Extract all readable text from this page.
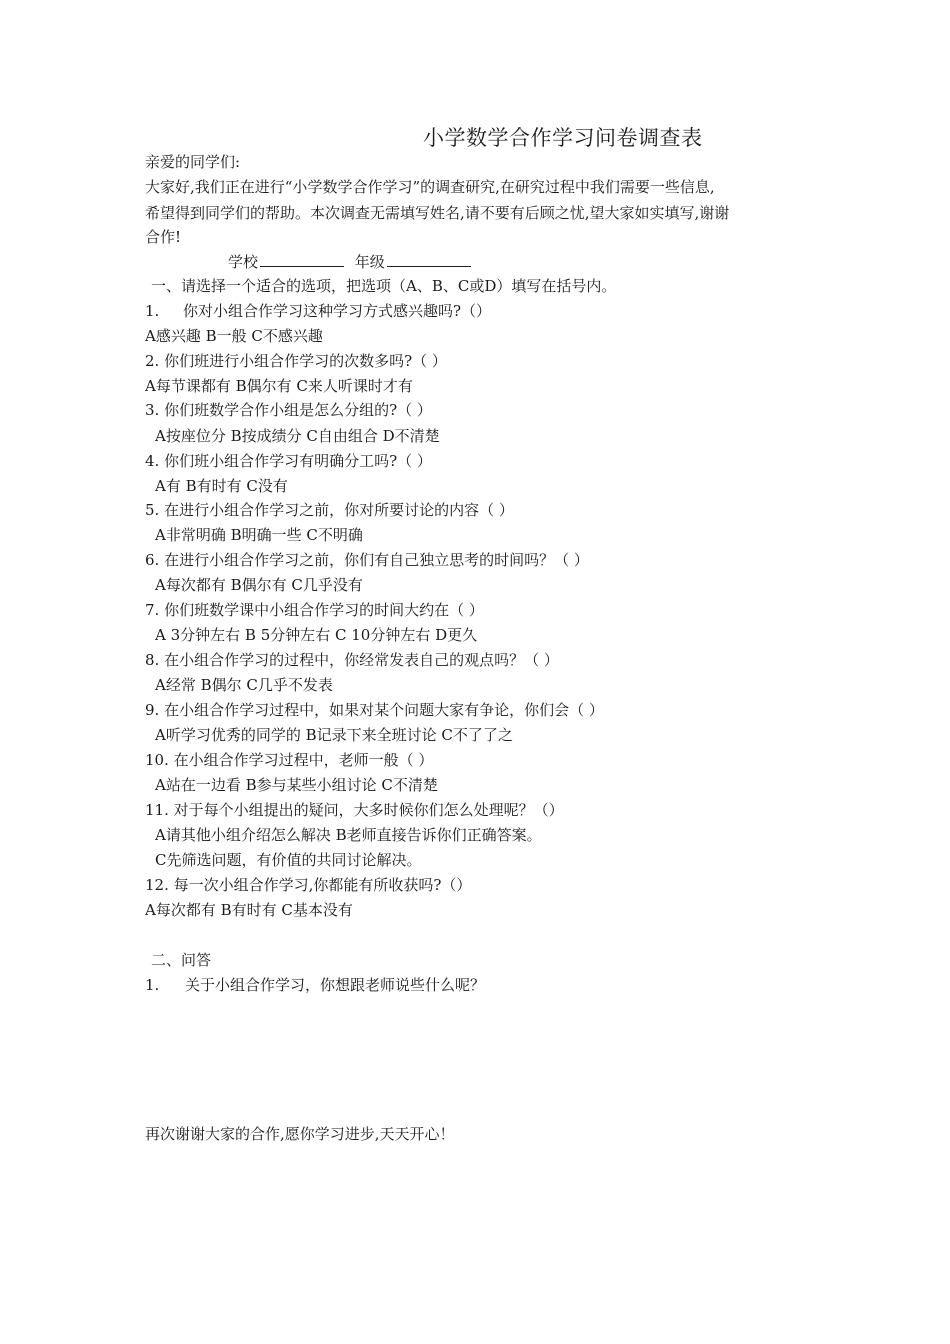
小学数学合作学习问卷调查表
亲爱的同学们:
大家好,我们正在进行“小学数学合作学习”的调查研究,在研究过程中我们需要一些信息,
希望得到同学们的帮助。本次调查无需填写姓名,请不要有后顾之忧,望大家如实填写,谢谢
合作!
学校	年级
一、请选择一个适合的选项，把选项（A、B、C或D）填写在括号内。
1. 你对小组合作学习这种学习方式感兴趣吗?（）
A感兴趣 B一般 C不感兴趣
2. 你们班进行小组合作学习的次数多吗?（ ）
A每节课都有 B偶尔有 C来人听课时才有
3. 你们班数学合作小组是怎么分组的?（ ）
A按座位分 B按成绩分 C自由组合 D不清楚
4. 你们班小组合作学习有明确分工吗?（ ）
A有 B有时有 C没有
5. 在进行小组合作学习之前，你对所要讨论的内容（ ）
A非常明确 B明确一些 C不明确
6. 在进行小组合作学习之前，你们有自己独立思考的时间吗？（ ）
A每次都有 B偶尔有 C几乎没有
7. 你们班数学课中小组合作学习的时间大约在（ ）
A 3分钟左右 B 5分钟左右 C 10分钟左右 D更久
8. 在小组合作学习的过程中，你经常发表自己的观点吗？（ ）
A经常 B偶尔 C几乎不发表
9. 在小组合作学习过程中，如果对某个问题大家有争论，你们会（ ）
A听学习优秀的同学的 B记录下来全班讨论 C不了了之
10. 在小组合作学习过程中，老师一般（ ）
A站在一边看 B参与某些小组讨论 C不清楚
11. 对于每个小组提出的疑问，大多时候你们怎么处理呢？（）
A请其他小组介绍怎么解决 B老师直接告诉你们正确答案。
C先筛选问题，有价值的共同讨论解决。
12. 每一次小组合作学习,你都能有所收获吗?（）
A每次都有 B有时有 C基本没有
二、问答
1. 关于小组合作学习，你想跟老师说些什么呢？
再次谢谢大家的合作,愿你学习进步,天天开心！
